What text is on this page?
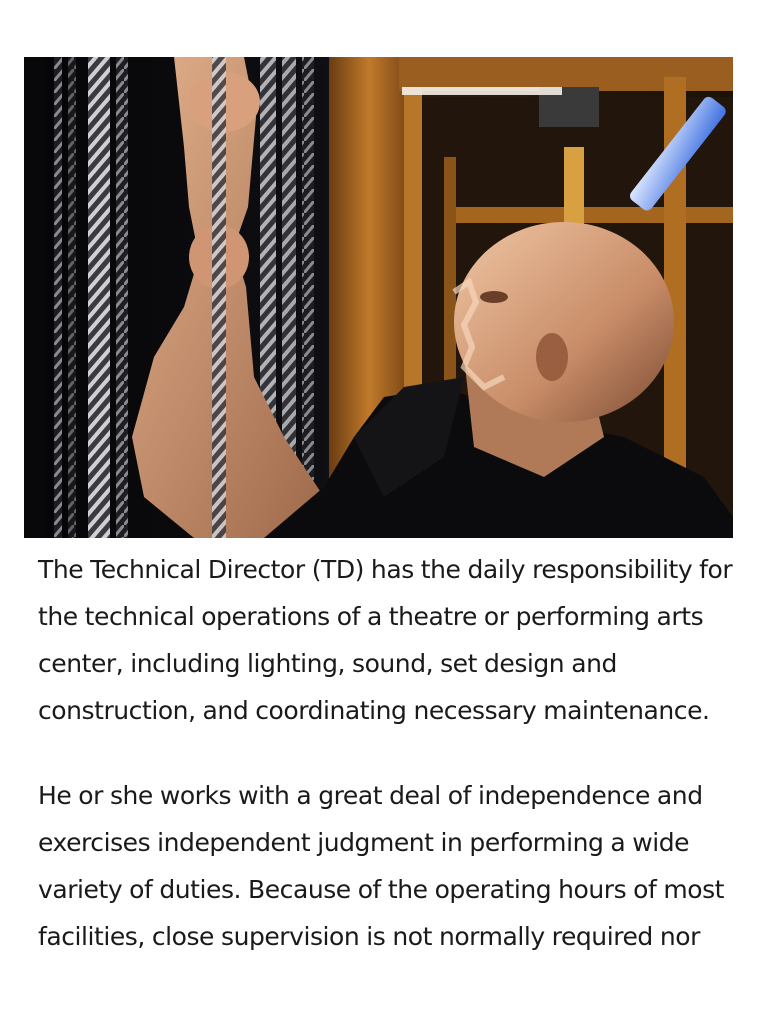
The Technical Director (TD) has the daily responsibility for the technical operations of a theatre or performing arts center, including lighting, sound, set design and construction, and coordinating necessary maintenance.

He or she works with a great deal of independence and exercises independent judgment in performing a wide variety of duties. Because of the operating hours of most facilities, close supervision is not normally required nor
